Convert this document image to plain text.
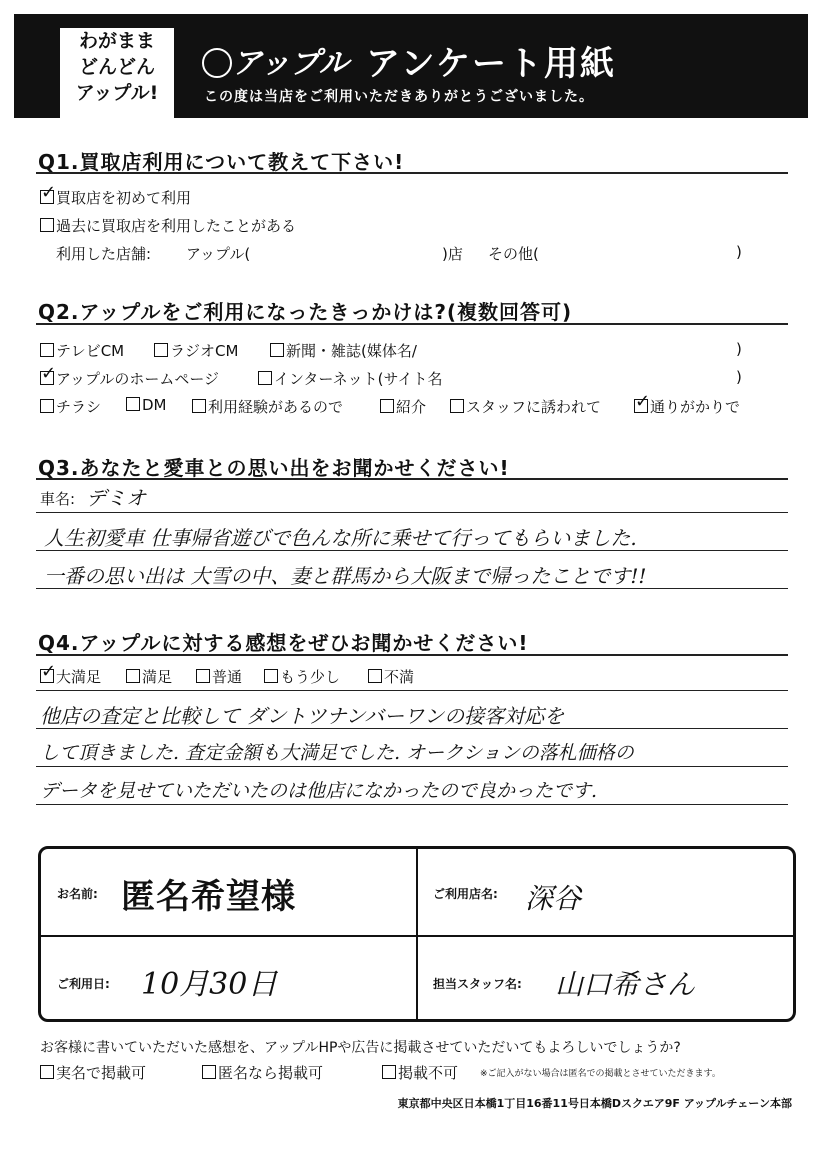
わがまま
どんどん
アップル!
アップル アンケート用紙
この度は当店をご利用いただきありがとうございました。
Q1.買取店利用について教えて下さい!
✓買取店を初めて利用
過去に買取店を利用したことがある
利用した店舗: アップル(	)店 その他(	)
Q2.アップルをご利用になったきっかけは?(複数回答可)
テレビCM	ラジオCM	新聞・雑誌(媒体名/	)
✓アップルのホームページ	インターネット(サイト名	)
チラシ	DM	利用経験があるので	紹介	スタッフに誘われて
✓	通りがかりで
Q3.あなたと愛車との思い出をお聞かせください!
車名: デミオ
人生初愛車 仕事帰省遊びで色んな所に乗せて行ってもらいました.
一番の思い出は 大雪の中、妻と群馬から大阪まで帰ったことです!!
Q4.アップルに対する感想をぜひお聞かせください!
✓大満足	満足	普通	もう少し	不満
他店の査定と比較して ダントツナンバーワンの接客対応を
して頂きました. 査定金額も大満足でした. オークションの落札価格の
データを見せていただいたのは他店になかったので良かったです.
お名前: 匿名希望様	ご利用店名: 深谷
ご利用日: 10月30日	担当スタッフ名: 山口希さん
お客様に書いていただいた感想を、アップルHPや広告に掲載させていただいてもよろしいでしょうか?
実名で掲載可	匿名なら掲載可	掲載不可 ※ご記入がない場合は匿名での掲載とさせていただきます。
東京都中央区日本橋1丁目16番11号日本橋Dスクエア9F アップルチェーン本部
